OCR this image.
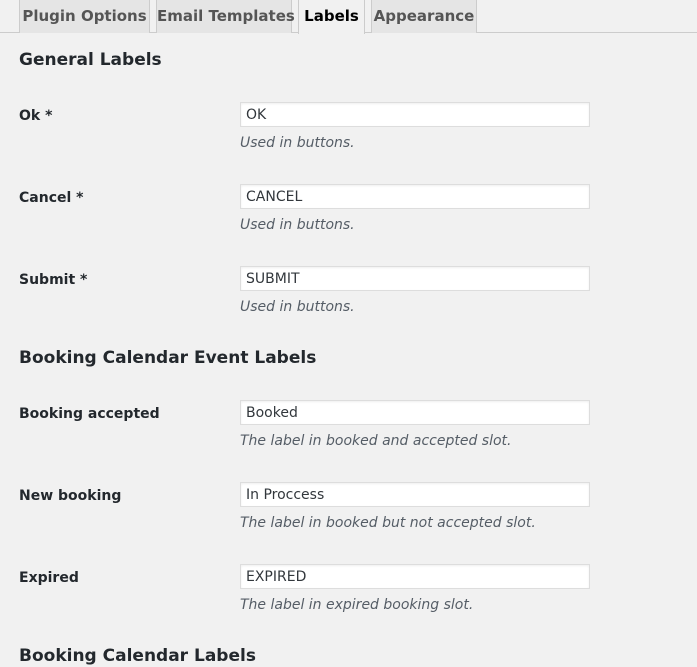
Plugin Options Email Templates Labels Appearance
General Labels
Ok *
OK
Used in buttons.
Cancel *
CANCEL
Used in buttons.
Submit *
SUBMIT
Used in buttons.
Booking Calendar Event Labels
Booking accepted
Booked
The label in booked and accepted slot.
New booking
In Proccess
The label in booked but not accepted slot.
Expired
EXPIRED
The label in expired booking slot.
Booking Calendar Labels
